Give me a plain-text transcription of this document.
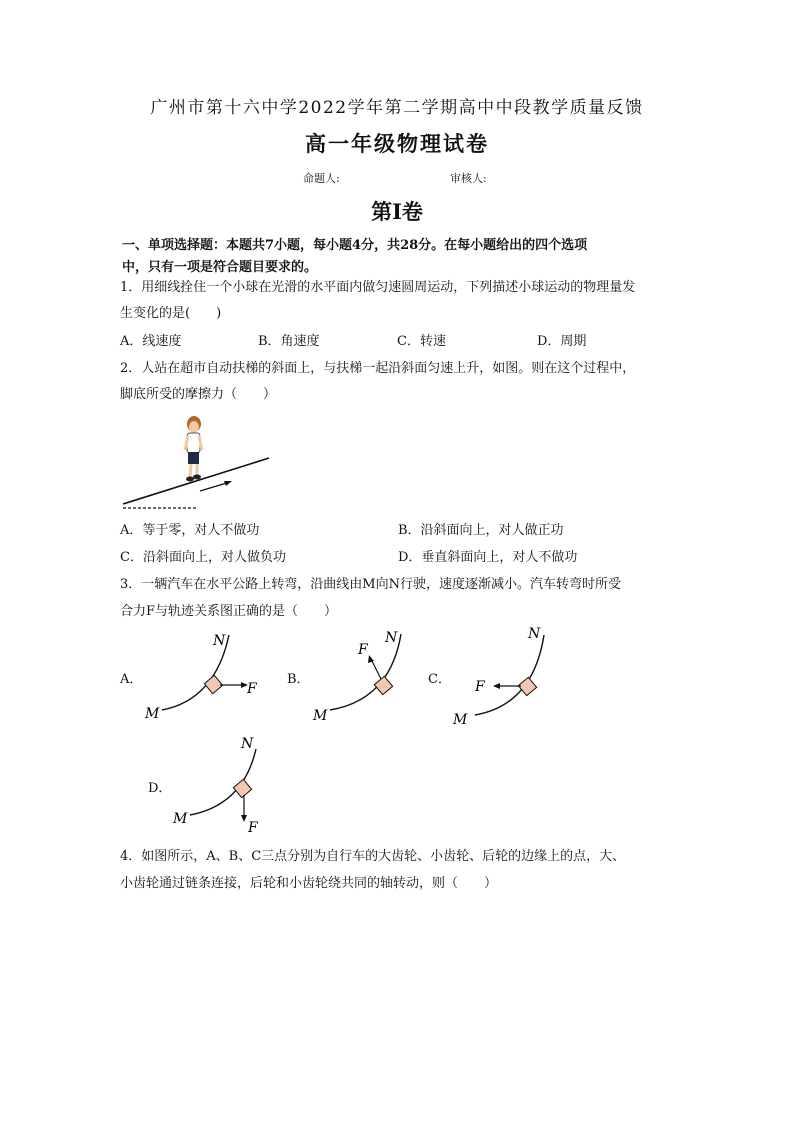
广州市第十六中学2022学年第二学期高中中段教学质量反馈
高一年级物理试卷
命题人:	审核人:
第I卷
一、单项选择题：本题共7小题，每小题4分，共28分。在每小题给出的四个选项
中，只有一项是符合题目要求的。
1．用细线拴住一个小球在光滑的水平面内做匀速圆周运动，下列描述小球运动的物理量发
生变化的是(　　)
A．线速度	B．角速度	C．转速	D．周期
2．人站在超市自动扶梯的斜面上，与扶梯一起沿斜面匀速上升，如图。则在这个过程中，
脚底所受的摩擦力（　　）
A．等于零，对人不做功	B．沿斜面向上，对人做正功
C．沿斜面向上，对人做负功	D．垂直斜面向上，对人不做功
3．一辆汽车在水平公路上转弯，沿曲线由M向N行驶，速度逐渐减小。汽车转弯时所受
合力F与轨迹关系图正确的是（　　）
A．
N
M
F
B．
N
M
F
C．
N
M
F
D．
N
M
F
4．如图所示，A、B、C三点分别为自行车的大齿轮、小齿轮、后轮的边缘上的点，大、
小齿轮通过链条连接，后轮和小齿轮绕共同的轴转动，则（　　）
